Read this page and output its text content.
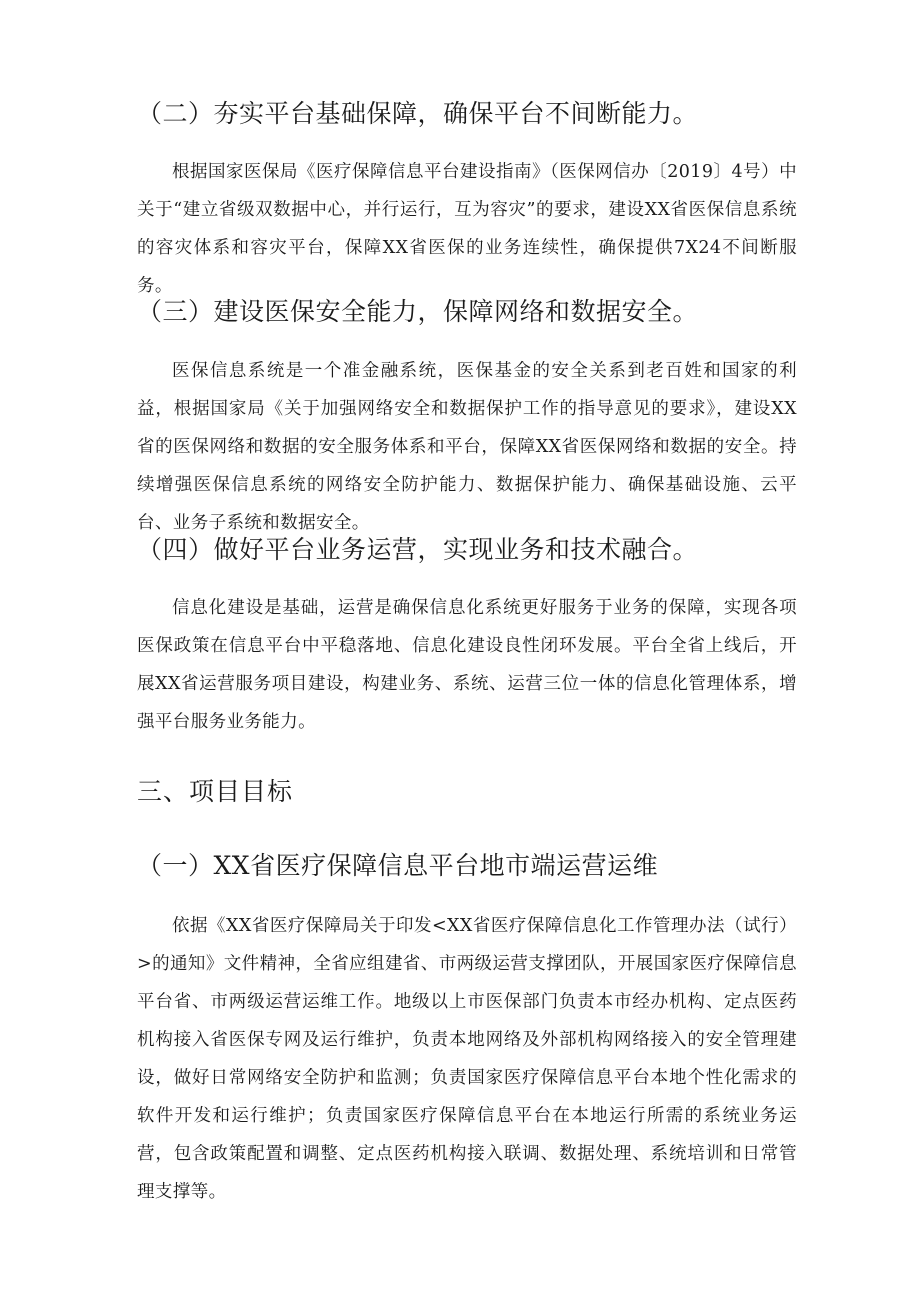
（二）夯实平台基础保障，确保平台不间断能力。
根据国家医保局《医疗保障信息平台建设指南》（医保网信办〔2019〕4号）中关于“建立省级双数据中心，并行运行，互为容灾”的要求，建设XX省医保信息系统的容灾体系和容灾平台，保障XX省医保的业务连续性，确保提供7X24不间断服务。
（三）建设医保安全能力，保障网络和数据安全。
医保信息系统是一个准金融系统，医保基金的安全关系到老百姓和国家的利益，根据国家局《关于加强网络安全和数据保护工作的指导意见的要求》，建设XX省的医保网络和数据的安全服务体系和平台，保障XX省医保网络和数据的安全。持续增强医保信息系统的网络安全防护能力、数据保护能力、确保基础设施、云平台、业务子系统和数据安全。
（四）做好平台业务运营，实现业务和技术融合。
信息化建设是基础，运营是确保信息化系统更好服务于业务的保障，实现各项医保政策在信息平台中平稳落地、信息化建设良性闭环发展。平台全省上线后，开展XX省运营服务项目建设，构建业务、系统、运营三位一体的信息化管理体系，增强平台服务业务能力。
三、项目目标
（一）XX省医疗保障信息平台地市端运营运维
依据《XX省医疗保障局关于印发<XX省医疗保障信息化工作管理办法（试行）>的通知》文件精神，全省应组建省、市两级运营支撑团队，开展国家医疗保障信息平台省、市两级运营运维工作。地级以上市医保部门负责本市经办机构、定点医药机构接入省医保专网及运行维护，负责本地网络及外部机构网络接入的安全管理建设，做好日常网络安全防护和监测；负责国家医疗保障信息平台本地个性化需求的软件开发和运行维护；负责国家医疗保障信息平台在本地运行所需的系统业务运营，包含政策配置和调整、定点医药机构接入联调、数据处理、系统培训和日常管理支撑等。
